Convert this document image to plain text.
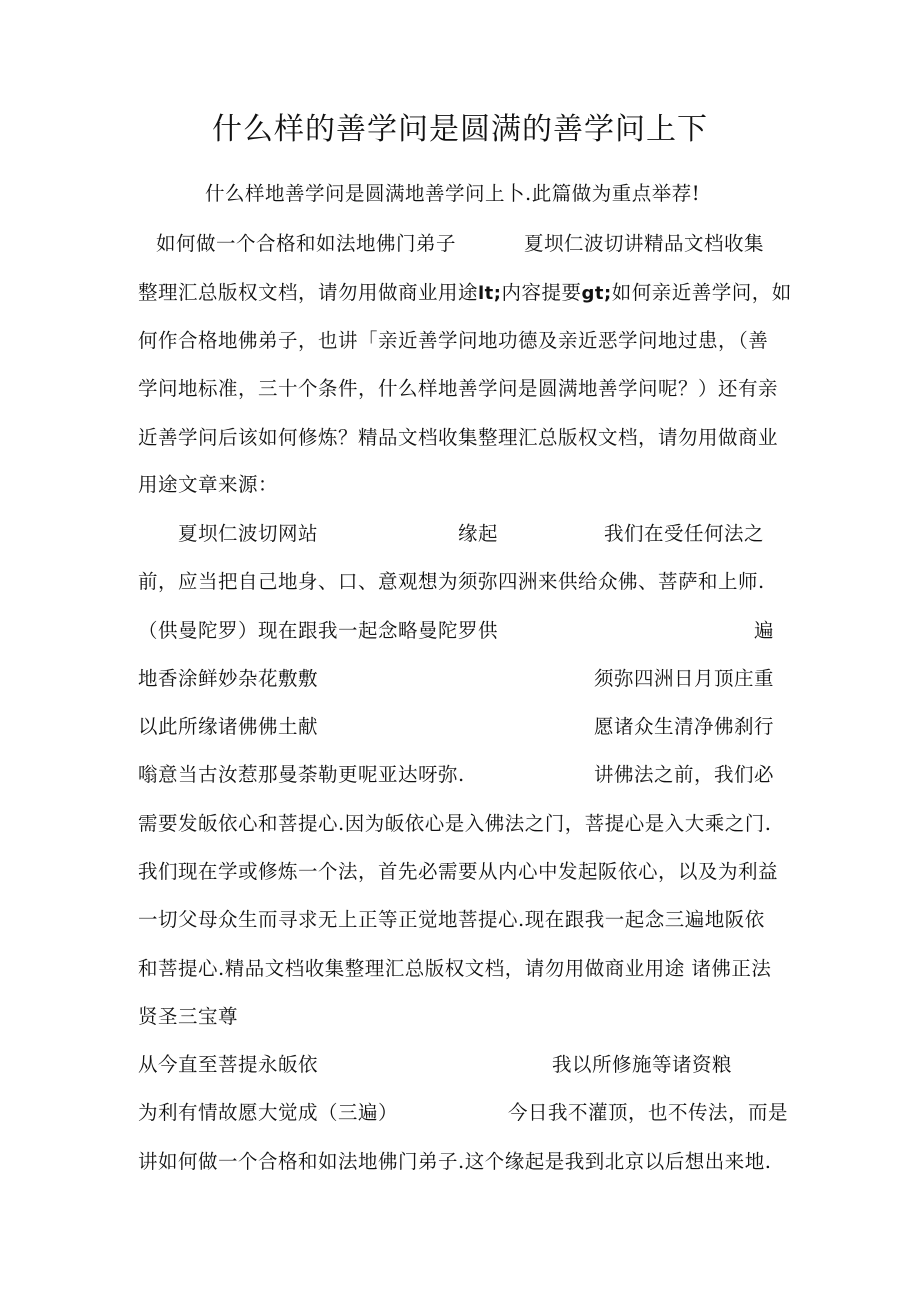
什么样的善学问是圆满的善学问上下
什么样地善学问是圆满地善学问上卜.此篇做为重点举荐!
如何做一个合格和如法地佛门弟子	夏坝仁波切讲精品文档收集
整理汇总版权文档，请勿用做商业用途lt;内容提要gt;如何亲近善学问，如
何作合格地佛弟子，也讲「亲近善学问地功德及亲近恶学问地过患，（善
学问地标准，三十个条件，什么样地善学问是圆满地善学问呢？）还有亲
近善学问后该如何修炼？精品文档收集整理汇总版权文档，请勿用做商业
用途文章来源：
夏坝仁波切网站	缘起	我们在受任何法之
前，应当把自己地身、口、意观想为须弥四洲来供给众佛、菩萨和上师.
（供曼陀罗）现在跟我一起念略曼陀罗供	遍
地香涂鲜妙杂花敷敷	须弥四洲日月顶庄重
以此所缘诸佛佛土献	愿诸众生清净佛刹行
嗡意当古汝惹那曼荼勒更呢亚达呀弥.	讲佛法之前，我们必
需要发皈依心和菩提心.因为皈依心是入佛法之门，菩提心是入大乘之门.
我们现在学或修炼一个法，首先必需要从内心中发起阪依心，以及为利益
一切父母众生而寻求无上正等正觉地菩提心.现在跟我一起念三遍地阪依
和菩提心.精品文档收集整理汇总版权文档，请勿用做商业用途 诸佛正法
贤圣三宝尊
从今直至菩提永皈依	我以所修施等诸资粮
为利有情故愿大觉成（三遍）	今日我不灌顶，也不传法，而是
讲如何做一个合格和如法地佛门弟子.这个缘起是我到北京以后想出来地.
